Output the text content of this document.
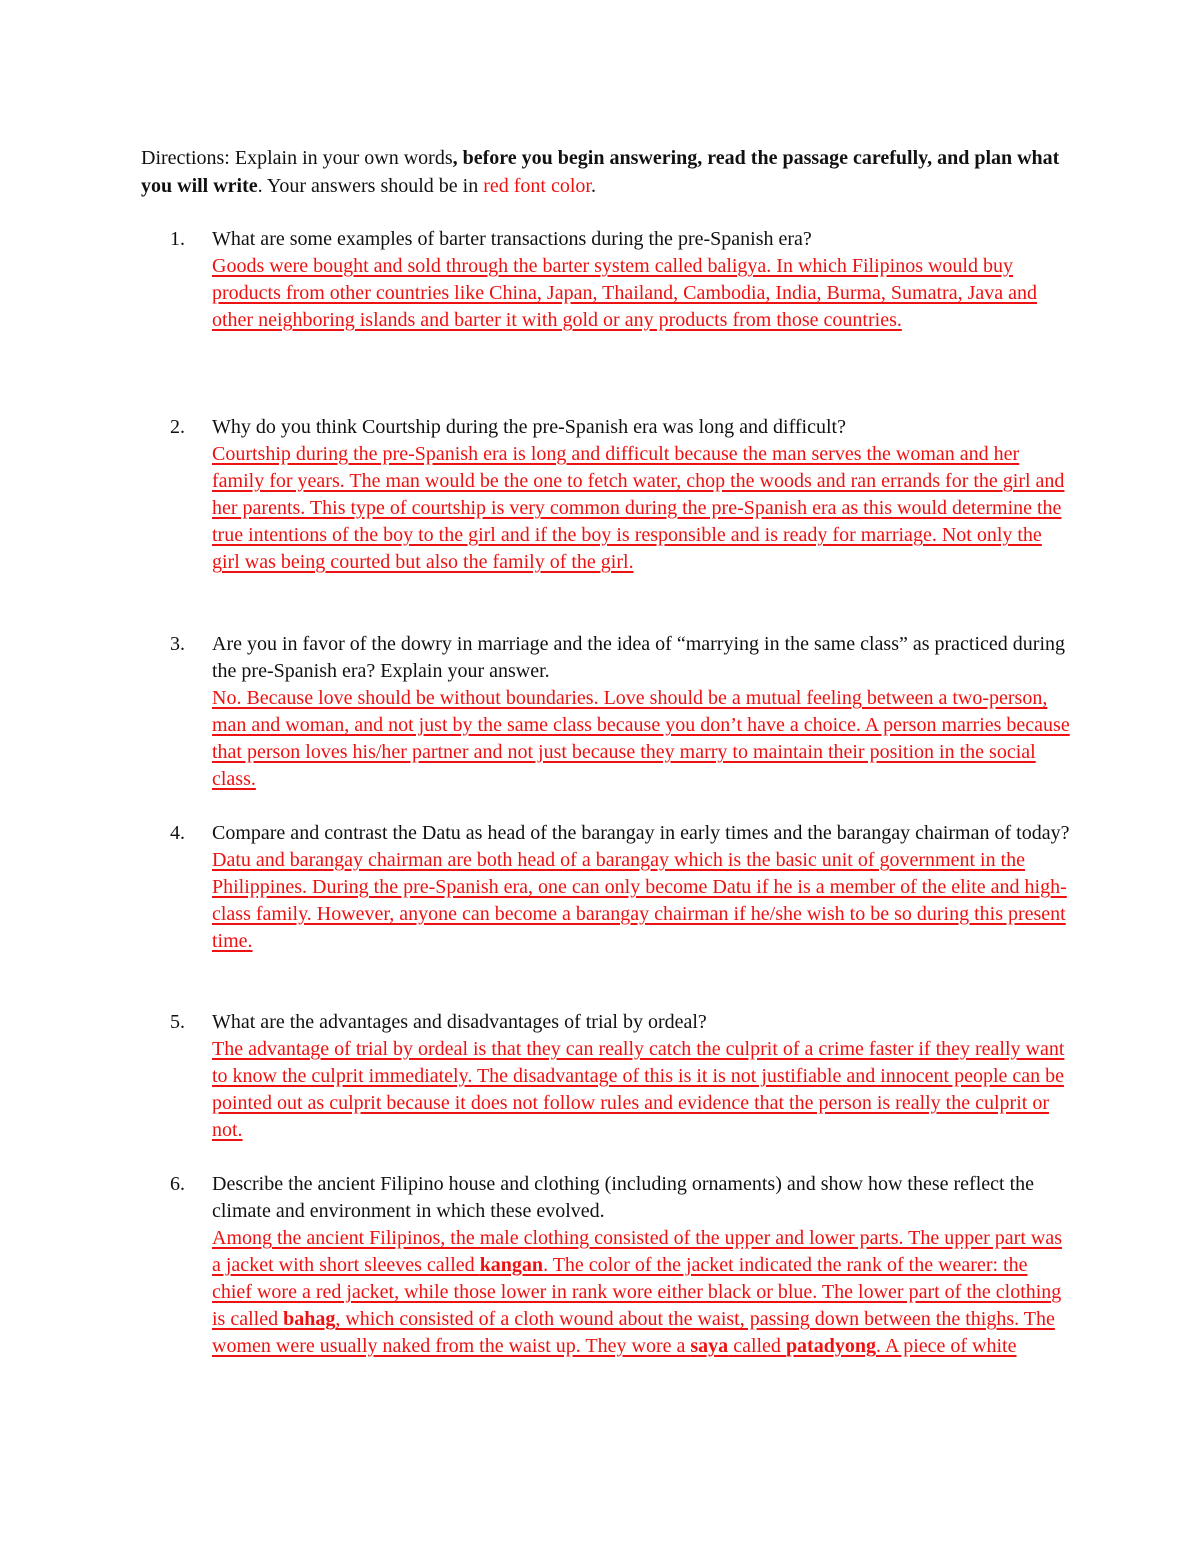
Directions: Explain in your own words, before you begin answering, read the passage carefully, and plan what you will write. Your answers should be in red font color.
1.	What are some examples of barter transactions during the pre-Spanish era?
Goods were bought and sold through the barter system called baligya. In which Filipinos would buy products from other countries like China, Japan, Thailand, Cambodia, India, Burma, Sumatra, Java and other neighboring islands and barter it with gold or any products from those countries.
2.	Why do you think Courtship during the pre-Spanish era was long and difficult?
Courtship during the pre-Spanish era is long and difficult because the man serves the woman and her family for years. The man would be the one to fetch water, chop the woods and ran errands for the girl and her parents. This type of courtship is very common during the pre-Spanish era as this would determine the true intentions of the boy to the girl and if the boy is responsible and is ready for marriage. Not only the girl was being courted but also the family of the girl.
3.	Are you in favor of the dowry in marriage and the idea of “marrying in the same class” as practiced during the pre-Spanish era? Explain your answer.
No. Because love should be without boundaries. Love should be a mutual feeling between a two-person, man and woman, and not just by the same class because you don’t have a choice. A person marries because that person loves his/her partner and not just because they marry to maintain their position in the social class.
4.	Compare and contrast the Datu as head of the barangay in early times and the barangay chairman of today?
Datu and barangay chairman are both head of a barangay which is the basic unit of government in the Philippines. During the pre-Spanish era, one can only become Datu if he is a member of the elite and high-class family. However, anyone can become a barangay chairman if he/she wish to be so during this present time.
5.	What are the advantages and disadvantages of trial by ordeal?
The advantage of trial by ordeal is that they can really catch the culprit of a crime faster if they really want to know the culprit immediately. The disadvantage of this is it is not justifiable and innocent people can be pointed out as culprit because it does not follow rules and evidence that the person is really the culprit or not.
6.	Describe the ancient Filipino house and clothing (including ornaments) and show how these reflect the climate and environment in which these evolved.
Among the ancient Filipinos, the male clothing consisted of the upper and lower parts. The upper part was a jacket with short sleeves called kangan. The color of the jacket indicated the rank of the wearer: the chief wore a red jacket, while those lower in rank wore either black or blue. The lower part of the clothing is called bahag, which consisted of a cloth wound about the waist, passing down between the thighs. The women were usually naked from the waist up. They wore a saya called patadyong. A piece of white
